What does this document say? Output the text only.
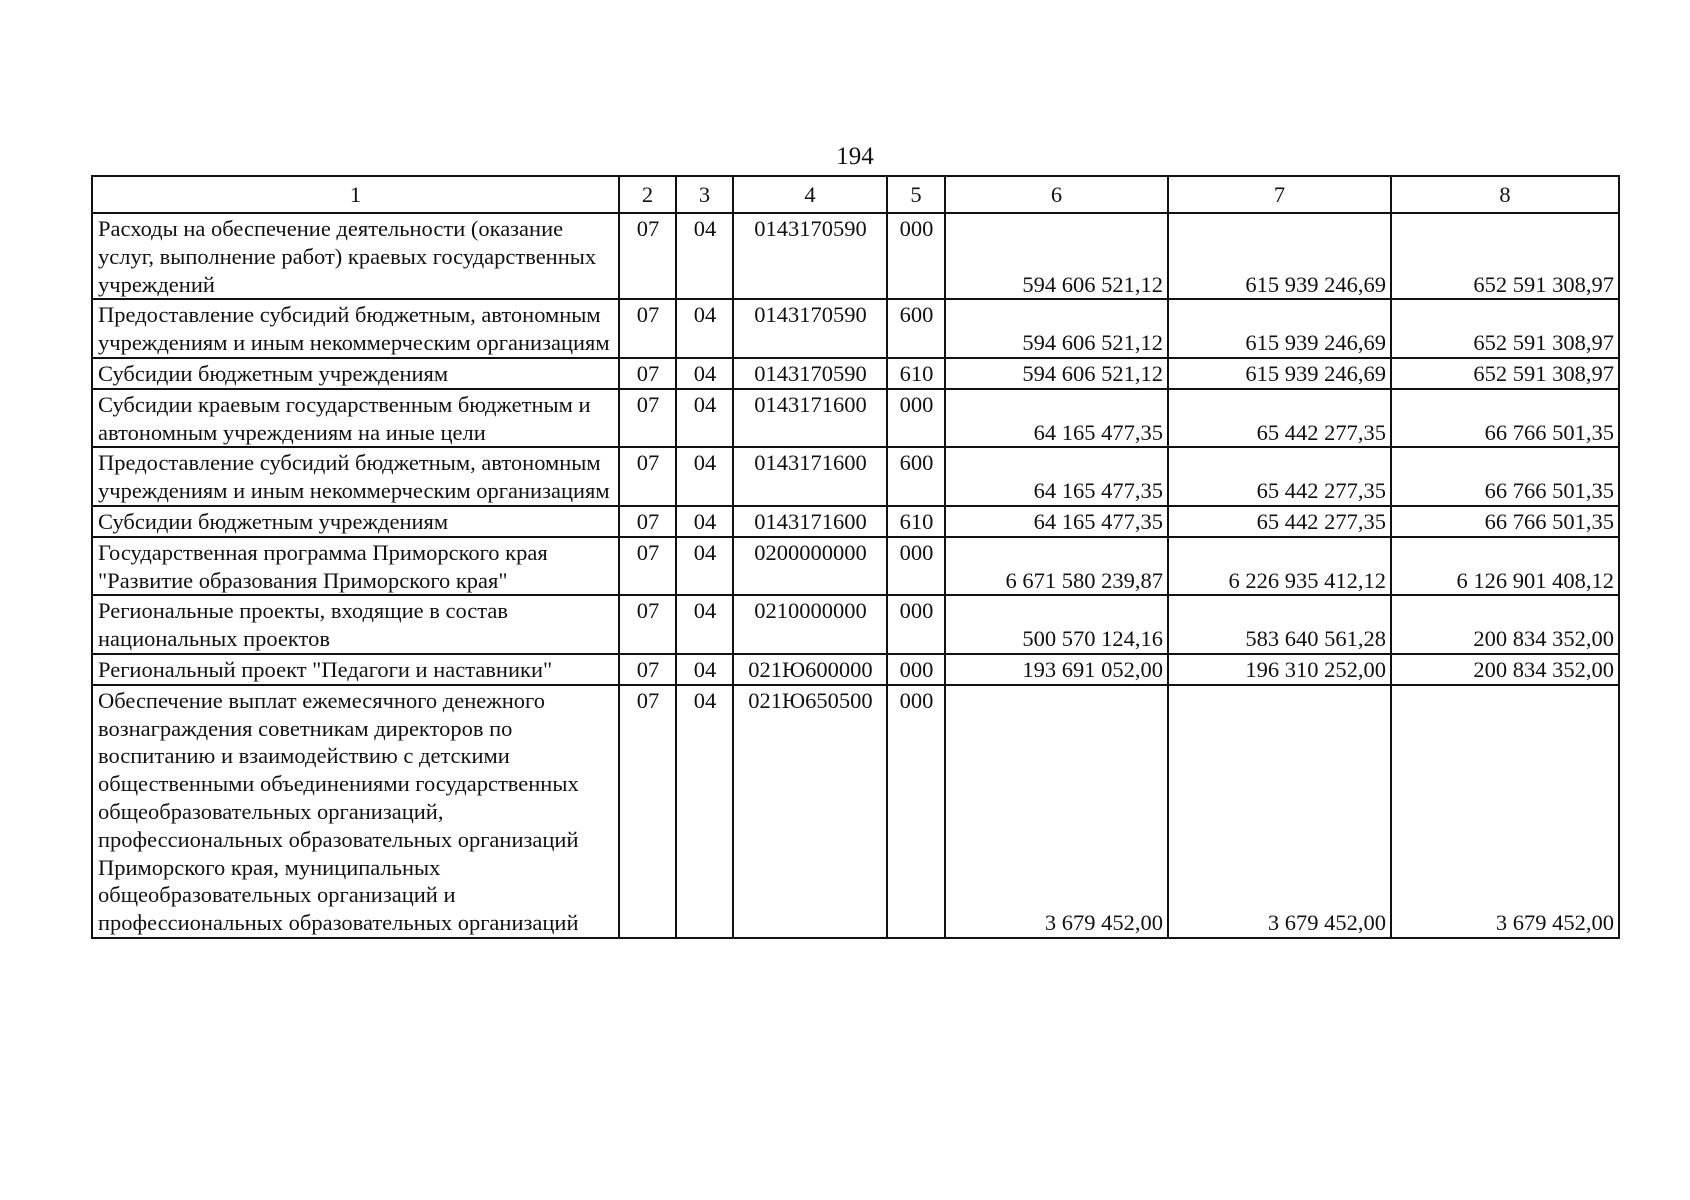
194
1	2	3	4	5	6	7	8
Расходы на обеспечение деятельности (оказание услуг, выполнение работ) краевых государственных учреждений	07	04	0143170590	000	594 606 521,12	615 939 246,69	652 591 308,97
Предоставление субсидий бюджетным, автономным учреждениям и иным некоммерческим организациям	07	04	0143170590	600	594 606 521,12	615 939 246,69	652 591 308,97
Субсидии бюджетным учреждениям	07	04	0143170590	610	594 606 521,12	615 939 246,69	652 591 308,97
Субсидии краевым государственным бюджетным и автономным учреждениям на иные цели	07	04	0143171600	000	64 165 477,35	65 442 277,35	66 766 501,35
Предоставление субсидий бюджетным, автономным учреждениям и иным некоммерческим организациям	07	04	0143171600	600	64 165 477,35	65 442 277,35	66 766 501,35
Субсидии бюджетным учреждениям	07	04	0143171600	610	64 165 477,35	65 442 277,35	66 766 501,35
Государственная программа Приморского края "Развитие образования Приморского края"	07	04	0200000000	000	6 671 580 239,87	6 226 935 412,12	6 126 901 408,12
Региональные проекты, входящие в состав национальных проектов	07	04	0210000000	000	500 570 124,16	583 640 561,28	200 834 352,00
Региональный проект "Педагоги и наставники"	07	04	021Ю600000	000	193 691 052,00	196 310 252,00	200 834 352,00
Обеспечение выплат ежемесячного денежного вознаграждения советникам директоров по воспитанию и взаимодействию с детскими общественными объединениями государственных общеобразовательных организаций, профессиональных образовательных организаций Приморского края, муниципальных общеобразовательных организаций и профессиональных образовательных организаций	07	04	021Ю650500	000	3 679 452,00	3 679 452,00	3 679 452,00
